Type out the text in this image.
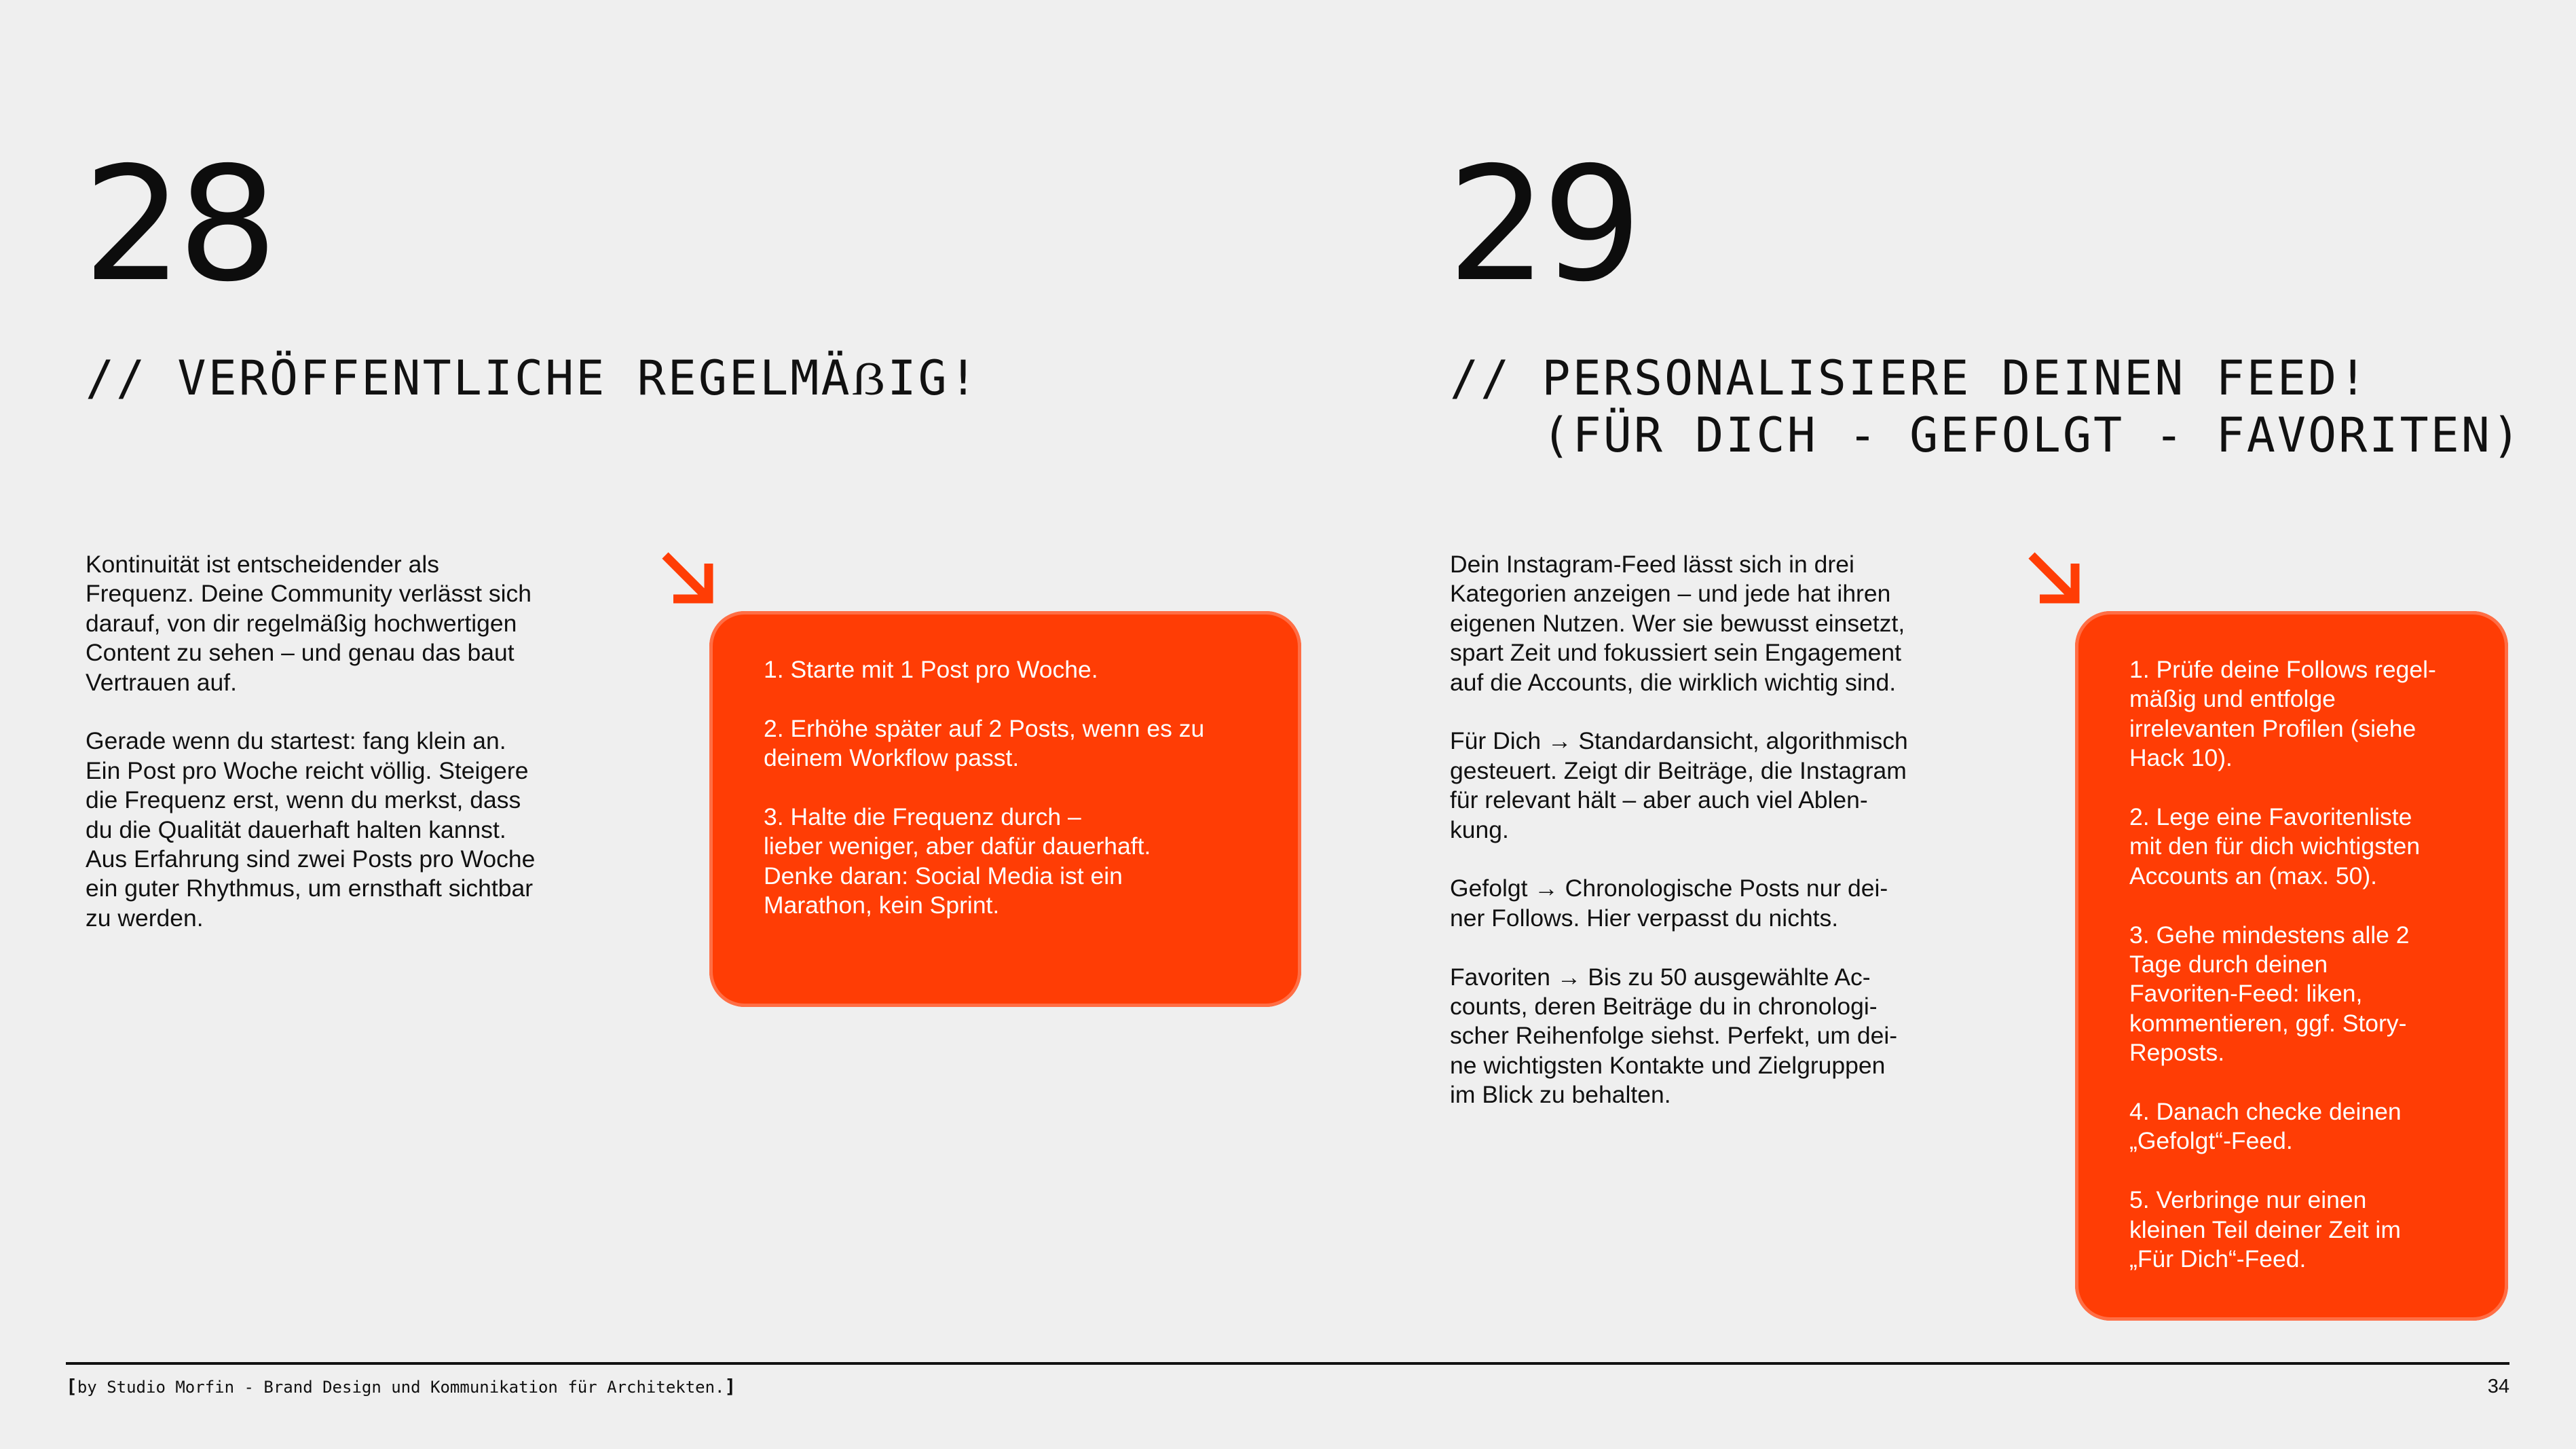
28
// VERÖFFENTLICHE REGELMÄẞIG!

Kontinuität ist entscheidender als
Frequenz. Deine Community verlässt sich
darauf, von dir regelmäßig hochwertigen
Content zu sehen – und genau das baut
Vertrauen auf.

Gerade wenn du startest: fang klein an.
Ein Post pro Woche reicht völlig. Steigere
die Frequenz erst, wenn du merkst, dass
du die Qualität dauerhaft halten kannst.
Aus Erfahrung sind zwei Posts pro Woche
ein guter Rhythmus, um ernsthaft sichtbar
zu werden.

1. Starte mit 1 Post pro Woche.
2. Erhöhe später auf 2 Posts, wenn es zu
deinem Workflow passt.
3. Halte die Frequenz durch –
lieber weniger, aber dafür dauerhaft.

Denke daran: Social Media ist ein
Marathon, kein Sprint.

29
// PERSONALISIERE DEINEN FEED!
(FÜR DICH - GEFOLGT - FAVORITEN)

Dein Instagram-Feed lässt sich in drei
Kategorien anzeigen – und jede hat ihren
eigenen Nutzen. Wer sie bewusst einsetzt,
spart Zeit und fokussiert sein Engagement
auf die Accounts, die wirklich wichtig sind.

Für Dich → Standardansicht, algorithmisch
gesteuert. Zeigt dir Beiträge, die Instagram
für relevant hält – aber auch viel Ablen-
kung.

Gefolgt → Chronologische Posts nur dei-
ner Follows. Hier verpasst du nichts.

Favoriten → Bis zu 50 ausgewählte Ac-
counts, deren Beiträge du in chronologi-
scher Reihenfolge siehst. Perfekt, um dei-
ne wichtigsten Kontakte und Zielgruppen
im Blick zu behalten.

1. Prüfe deine Follows regel-
mäßig und entfolge
irrelevanten Profilen (siehe
Hack 10).
2. Lege eine Favoritenliste
mit den für dich wichtigsten
Accounts an (max. 50).
3. Gehe mindestens alle 2
Tage durch deinen
Favoriten-Feed: liken,
kommentieren, ggf. Story-
Reposts.
4. Danach checke deinen
„Gefolgt“-Feed.
5. Verbringe nur einen
kleinen Teil deiner Zeit im
„Für Dich“-Feed.
[by Studio Morfin - Brand Design und Kommunikation für Architekten.]	34
